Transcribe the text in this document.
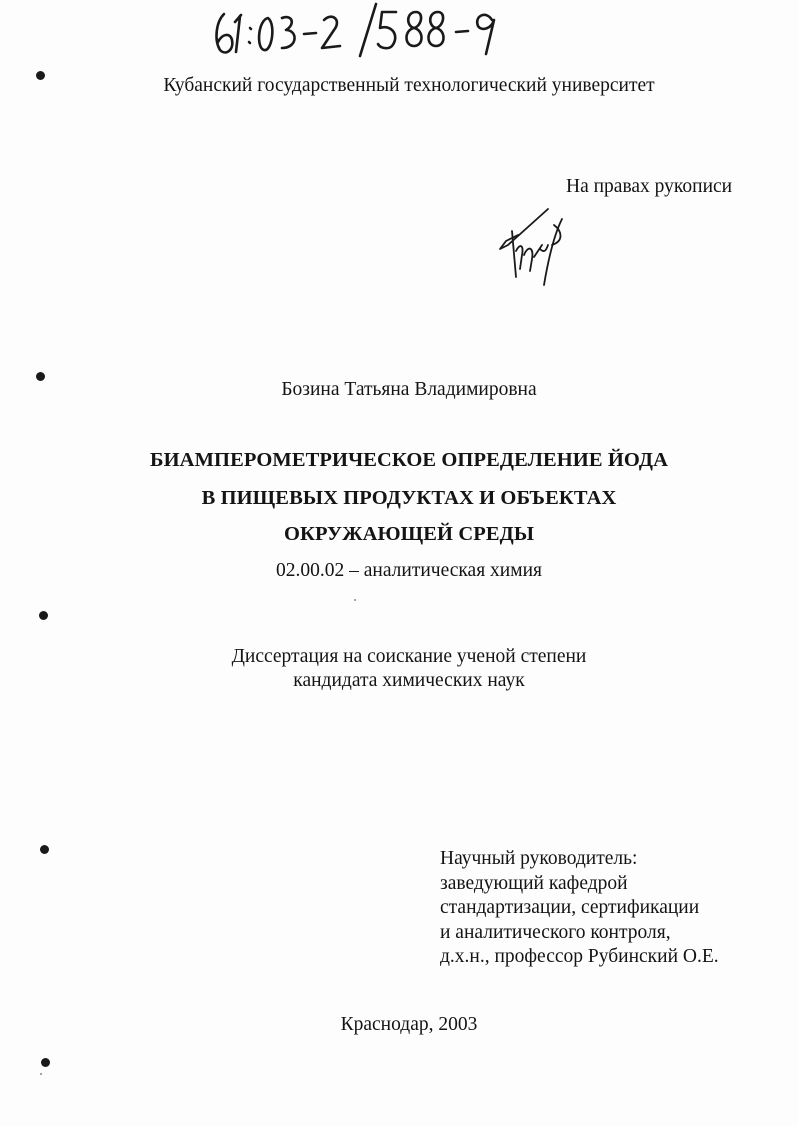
Кубанский государственный технологический университет
На правах рукописи
Бозина Татьяна Владимировна
БИАМПЕРОМЕТРИЧЕСКОЕ ОПРЕДЕЛЕНИЕ ЙОДА
В ПИЩЕВЫХ ПРОДУКТАХ И ОБЪЕКТАХ
ОКРУЖАЮЩЕЙ СРЕДЫ
02.00.02 – аналитическая химия
Диссертация на соискание ученой степени
кандидата химических наук
Научный руководитель:
заведующий кафедрой
стандартизации, сертификации
и аналитического контроля,
д.х.н., профессор Рубинский О.Е.
Краснодар, 2003
